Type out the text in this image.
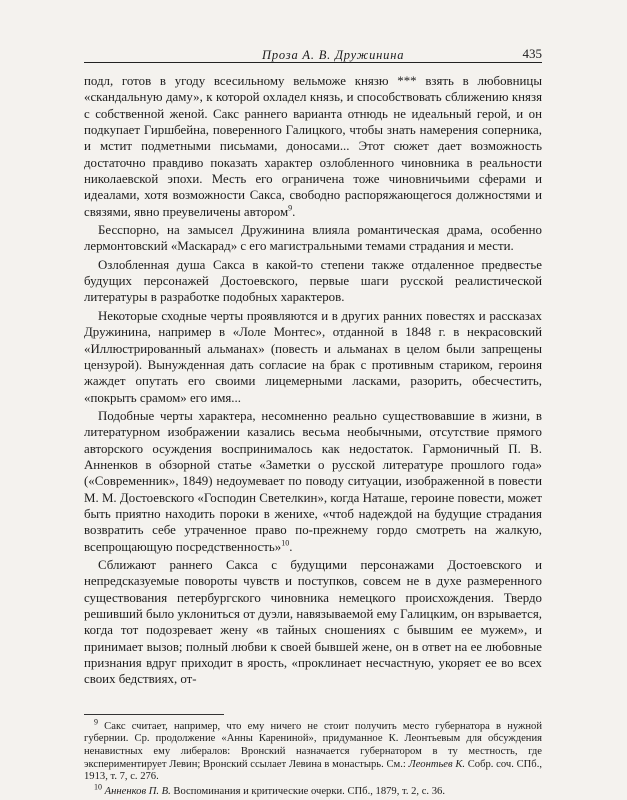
Проза А. В. Дружинина	435

подл, готов в угоду всесильному вельможе князю *** взять в любовницы «скандальную даму», к которой охладел князь, и способствовать сближению князя с собственной женой. Сакс раннего варианта отнюдь не идеальный герой, и он подкупает Гиршбейна, повеpенного Галицкого, чтобы знать намерения соперника, и мстит подметными письмами, доносами... Этот сюжет дает возможность достаточно правдиво показать характер озлобленного чиновника в реальности николаевской эпохи. Месть его ограничена тоже чиновничьими сферами и идеалами, хотя возможности Сакса, свободно распоряжающегося должностями и связями, явно преувеличены автором$^9$.

Бесспорно, на замысел Дружинина влияла романтическая драма, особенно лермонтовский «Маскарад» с его магистральными темами страдания и мести.

Озлобленная душа Сакса в какой-то степени также отдаленное предвестье будущих персонажей Достоевского, первые шаги русской реалистической литературы в разработке подобных характеров.

Некоторые сходные черты проявляются и в других ранних повестях и рассказах Дружинина, например в «Лоле Монтес», отданной в 1848 г. в некрасовский «Иллюстрированный альманах» (повесть и альманах в целом были запрещены цензурой). Вынужденная дать согласие на брак с противным стариком, героиня жаждет опутать его своими лицемерными ласками, разорить, обесчестить, «покрыть срамом» его имя...

Подобные черты характера, несомненно реально существовавшие в жизни, в литературном изображении казались весьма необычными, отсутствие прямого авторского осуждения воспринималось как недостаток. Гармоничный П. В. Анненков в обзорной статье «Заметки о русской литературе прошлого года» («Современник», 1849) недоумевает по поводу ситуации, изображенной в повести М. М. Достоевского «Господин Светелкин», когда Наташе, героине повести, может быть приятно находить пороки в женихе, «чтоб надеждой на будущие страдания возвратить себе утраченное право по-прежнему гордо смотреть на жалкую, всепрощающую посредственность»$^{10}$.

Сближают раннего Сакса с будущими персонажами Достоевского и непредсказуемые повороты чувств и поступков, совсем не в духе размеренного существования петербургского чиновника немецкого происхождения. Твердо решивший было уклониться от дуэли, навязываемой ему Галицким, он взрывается, когда тот подозревает жену «в тайных сношениях с бывшим ее мужем», и принимает вызов; полный любви к своей бывшей жене, он в ответ на ее любовные признания вдруг приходит в ярость, «проклинает несчастную, укоряет ее во всех своих бедствиях, от-

$^9$ Сакс считает, например, что ему ничего не стоит получить место губернатора в нужной губернии. Ср. продолжение «Анны Карениной», придуманное К. Леонтьевым для обсуждения ненавистных ему либералов: Вронский назначается губернатором в ту местность, где экспериментирует Левин; Вронский ссылает Левина в монастырь. См.: Леонтьев К. Собр. соч. СПб., 1913, т. 7, с. 276.

$^{10}$ Анненков П. В. Воспоминания и критические очерки. СПб., 1879, т. 2, с. 36.
